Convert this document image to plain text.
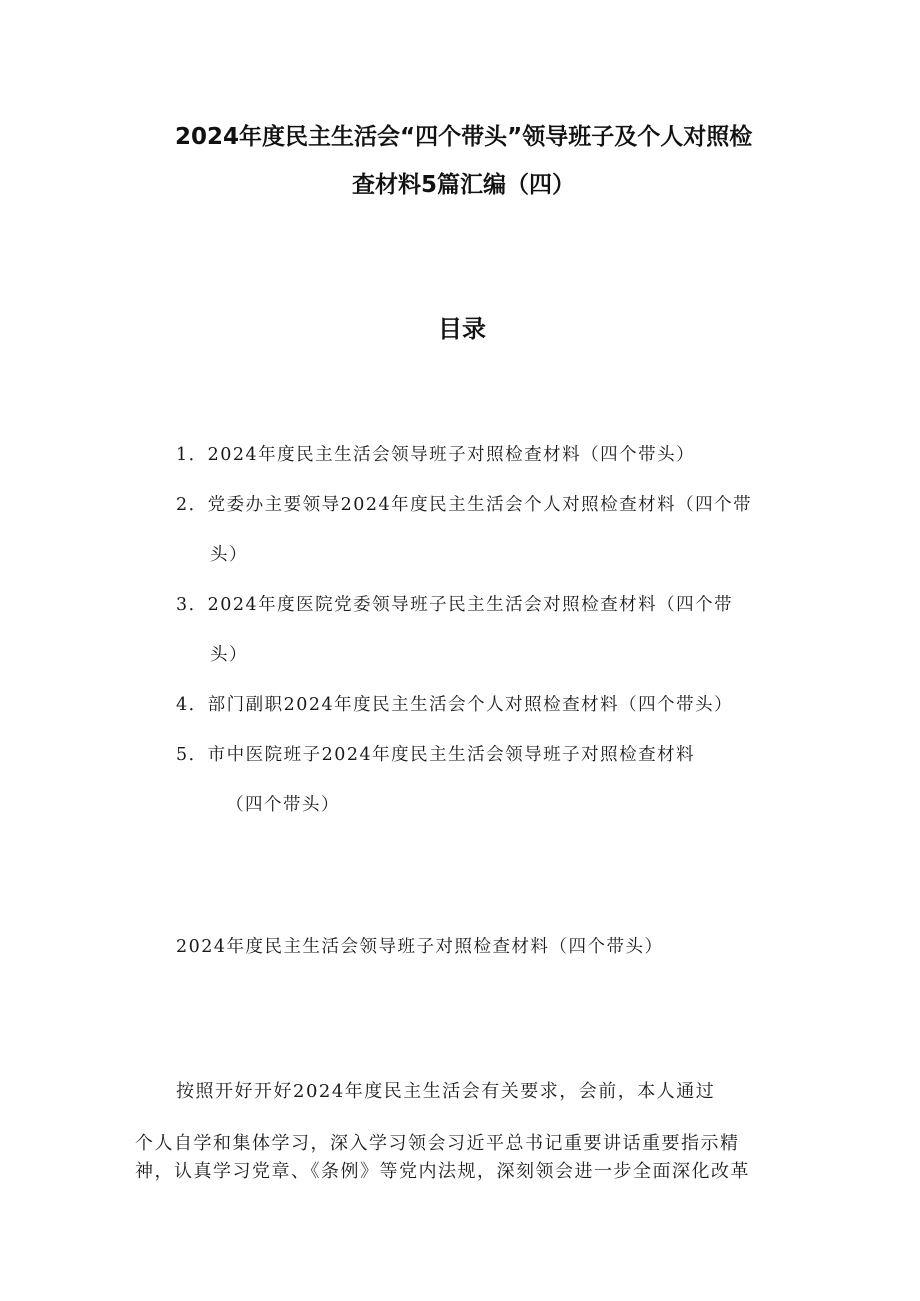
2024年度民主生活会“四个带头”领导班子及个人对照检
查材料5篇汇编（四）
目录

1．2024年度民主生活会领导班子对照检查材料（四个带头）

2．党委办主要领导2024年度民主生活会个人对照检查材料（四个带

头）

3．2024年度医院党委领导班子民主生活会对照检查材料（四个带

头）

4．部门副职2024年度民主生活会个人对照检查材料（四个带头）

5．市中医院班子2024年度民主生活会领导班子对照检查材料

（四个带头）

2024年度民主生活会领导班子对照检查材料（四个带头）

按照开好开好2024年度民主生活会有关要求，会前，本人通过

个人自学和集体学习，深入学习领会习近平总书记重要讲话重要指示精

神，认真学习党章、《条例》等党内法规，深刻领会进一步全面深化改革
